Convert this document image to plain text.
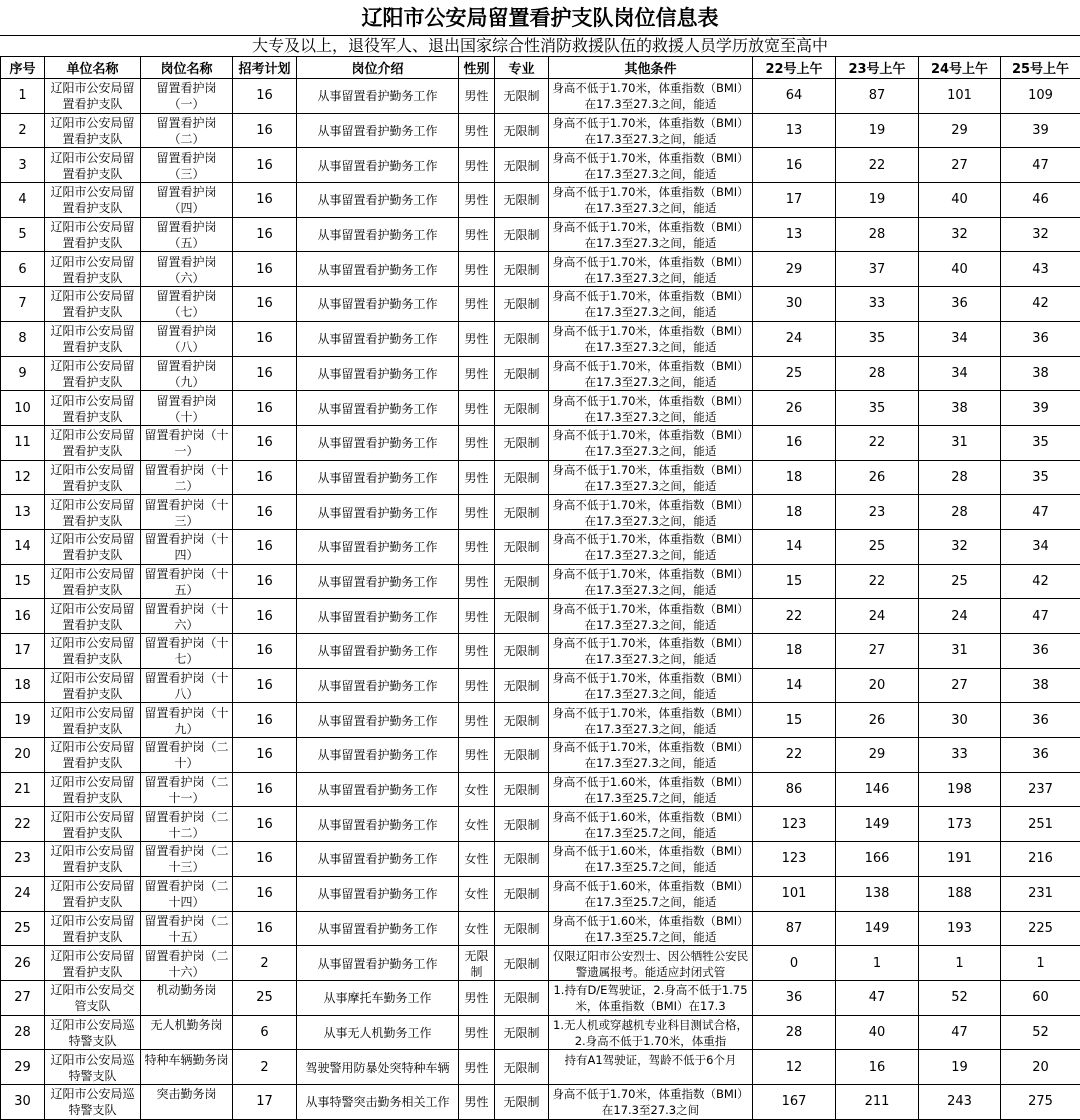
辽阳市公安局留置看护支队岗位信息表
大专及以上，退役军人、退出国家综合性消防救援队伍的救援人员学历放宽至高中
序号	单位名称	岗位名称	招考计划	岗位介绍	性别	专业	其他条件	22号上午	23号上午	24号上午	25号上午
1	辽阳市公安局留置看护支队	留置看护岗（一）	16	从事留置看护勤务工作	男性	无限制	身高不低于1.70米，体重指数（BMI）在17.3至27.3之间，能适	64	87	101	109
2	辽阳市公安局留置看护支队	留置看护岗（二）	16	从事留置看护勤务工作	男性	无限制	身高不低于1.70米，体重指数（BMI）在17.3至27.3之间，能适	13	19	29	39
3	辽阳市公安局留置看护支队	留置看护岗（三）	16	从事留置看护勤务工作	男性	无限制	身高不低于1.70米，体重指数（BMI）在17.3至27.3之间，能适	16	22	27	47
4	辽阳市公安局留置看护支队	留置看护岗（四）	16	从事留置看护勤务工作	男性	无限制	身高不低于1.70米，体重指数（BMI）在17.3至27.3之间，能适	17	19	40	46
5	辽阳市公安局留置看护支队	留置看护岗（五）	16	从事留置看护勤务工作	男性	无限制	身高不低于1.70米，体重指数（BMI）在17.3至27.3之间，能适	13	28	32	32
6	辽阳市公安局留置看护支队	留置看护岗（六）	16	从事留置看护勤务工作	男性	无限制	身高不低于1.70米，体重指数（BMI）在17.3至27.3之间，能适	29	37	40	43
7	辽阳市公安局留置看护支队	留置看护岗（七）	16	从事留置看护勤务工作	男性	无限制	身高不低于1.70米，体重指数（BMI）在17.3至27.3之间，能适	30	33	36	42
8	辽阳市公安局留置看护支队	留置看护岗（八）	16	从事留置看护勤务工作	男性	无限制	身高不低于1.70米，体重指数（BMI）在17.3至27.3之间，能适	24	35	34	36
9	辽阳市公安局留置看护支队	留置看护岗（九）	16	从事留置看护勤务工作	男性	无限制	身高不低于1.70米，体重指数（BMI）在17.3至27.3之间，能适	25	28	34	38
10	辽阳市公安局留置看护支队	留置看护岗（十）	16	从事留置看护勤务工作	男性	无限制	身高不低于1.70米，体重指数（BMI）在17.3至27.3之间，能适	26	35	38	39
11	辽阳市公安局留置看护支队	留置看护岗（十一）	16	从事留置看护勤务工作	男性	无限制	身高不低于1.70米，体重指数（BMI）在17.3至27.3之间，能适	16	22	31	35
12	辽阳市公安局留置看护支队	留置看护岗（十二）	16	从事留置看护勤务工作	男性	无限制	身高不低于1.70米，体重指数（BMI）在17.3至27.3之间，能适	18	26	28	35
13	辽阳市公安局留置看护支队	留置看护岗（十三）	16	从事留置看护勤务工作	男性	无限制	身高不低于1.70米，体重指数（BMI）在17.3至27.3之间，能适	18	23	28	47
14	辽阳市公安局留置看护支队	留置看护岗（十四）	16	从事留置看护勤务工作	男性	无限制	身高不低于1.70米，体重指数（BMI）在17.3至27.3之间，能适	14	25	32	34
15	辽阳市公安局留置看护支队	留置看护岗（十五）	16	从事留置看护勤务工作	男性	无限制	身高不低于1.70米，体重指数（BMI）在17.3至27.3之间，能适	15	22	25	42
16	辽阳市公安局留置看护支队	留置看护岗（十六）	16	从事留置看护勤务工作	男性	无限制	身高不低于1.70米，体重指数（BMI）在17.3至27.3之间，能适	22	24	24	47
17	辽阳市公安局留置看护支队	留置看护岗（十七）	16	从事留置看护勤务工作	男性	无限制	身高不低于1.70米，体重指数（BMI）在17.3至27.3之间，能适	18	27	31	36
18	辽阳市公安局留置看护支队	留置看护岗（十八）	16	从事留置看护勤务工作	男性	无限制	身高不低于1.70米，体重指数（BMI）在17.3至27.3之间，能适	14	20	27	38
19	辽阳市公安局留置看护支队	留置看护岗（十九）	16	从事留置看护勤务工作	男性	无限制	身高不低于1.70米，体重指数（BMI）在17.3至27.3之间，能适	15	26	30	36
20	辽阳市公安局留置看护支队	留置看护岗（二十）	16	从事留置看护勤务工作	男性	无限制	身高不低于1.70米，体重指数（BMI）在17.3至27.3之间，能适	22	29	33	36
21	辽阳市公安局留置看护支队	留置看护岗（二十一）	16	从事留置看护勤务工作	女性	无限制	身高不低于1.60米，体重指数（BMI）在17.3至25.7之间，能适	86	146	198	237
22	辽阳市公安局留置看护支队	留置看护岗（二十二）	16	从事留置看护勤务工作	女性	无限制	身高不低于1.60米，体重指数（BMI）在17.3至25.7之间，能适	123	149	173	251
23	辽阳市公安局留置看护支队	留置看护岗（二十三）	16	从事留置看护勤务工作	女性	无限制	身高不低于1.60米，体重指数（BMI）在17.3至25.7之间，能适	123	166	191	216
24	辽阳市公安局留置看护支队	留置看护岗（二十四）	16	从事留置看护勤务工作	女性	无限制	身高不低于1.60米，体重指数（BMI）在17.3至25.7之间，能适	101	138	188	231
25	辽阳市公安局留置看护支队	留置看护岗（二十五）	16	从事留置看护勤务工作	女性	无限制	身高不低于1.60米，体重指数（BMI）在17.3至25.7之间，能适	87	149	193	225
26	辽阳市公安局留置看护支队	留置看护岗（二十六）	2	从事留置看护勤务工作	无限制	无限制	仅限辽阳市公安烈士、因公牺牲公安民警遗属报考。能适应封闭式管	0	1	1	1
27	辽阳市公安局交管支队	机动勤务岗	25	从事摩托车勤务工作	男性	无限制	1.持有D/E驾驶证，2.身高不低于1.75米，体重指数（BMI）在17.3	36	47	52	60
28	辽阳市公安局巡特警支队	无人机勤务岗	6	从事无人机勤务工作	男性	无限制	1.无人机或穿越机专业科目测试合格，2.身高不低于1.70米，体重指	28	40	47	52
29	辽阳市公安局巡特警支队	特种车辆勤务岗	2	驾驶警用防暴处突特种车辆	男性	无限制	持有A1驾驶证，驾龄不低于6个月	12	16	19	20
30	辽阳市公安局巡特警支队	突击勤务岗	17	从事特警突击勤务相关工作	男性	无限制	身高不低于1.70米，体重指数（BMI）在17.3至27.3之间	167	211	243	275
